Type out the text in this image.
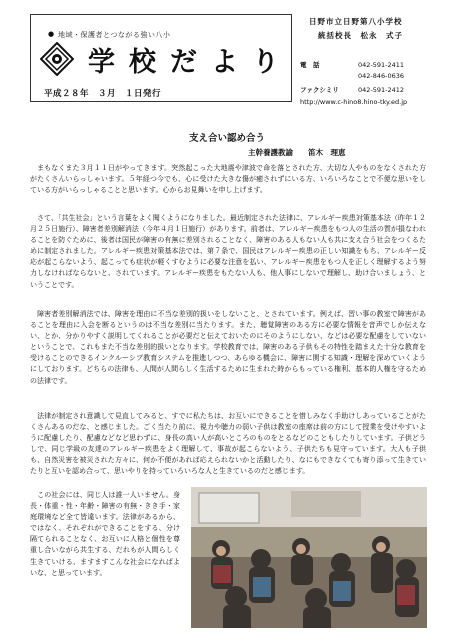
● 地域・保護者とつながる強い八小
学校だより
平成２８年　３月　１日発行
日野市立日野第八小学校
統括校長　松永　式子
電　話	042-591-2411
042-846-0636
ファクシミリ	042-591-2412
http://www.c-hino8.hino-tky.ed.jp
支え合い認め合う
主幹養護教諭　　笛木　理恵
　まもなくまた３月１１日がやってきます。突然起こった大地震や津波で命を落とされた方、大切な人やものをなくされた方がたくさんいらっしゃいます。５年経つ今でも、心に受けた大きな傷が癒されずにいる方、いろいろなことで不便な思いをしている方がいらっしゃることと思います。心からお見舞いを申し上げます。
　さて、「共生社会」という言葉をよく聞くようになりました。最近制定された法律に、アレルギー疾患対策基本法（昨年１２月２５日施行）、障害者差別解消法（今年４月１日施行）があります。前者は、アレルギー疾患をもつ人の生活の質が損なわれることを防ぐために、後者は国民が障害の有無に差別されることなく、障害のある人もない人も共に支え合う社会をつくるために制定されました。アレルギー疾患対策基本法では、第７条で、国民はアレルギー疾患の正しい知識をもち、アレルギー反応が起こらないよう、起こっても症状が軽くすむように必要な注意を払い、アレルギー疾患をもつ人を正しく理解するよう努力しなければならないと、されています。アレルギー疾患をもたない人も、他人事にしないで理解し、助け合いましょう、ということです。
　障害者差別解消法では、障害を理由に不当な差別的扱いをしないこと、とされています。例えば、習い事の教室で障害があることを理由に入会を断るというのは不当な差別に当たります。また、聴覚障害のある方に必要な情報を音声でしか伝えない、とか、分かりやすく説明してくれることが必要だと伝えておいたのにそのようにしない、などは必要な配慮をしていないということで、これもまた不当な差別的扱いとなります。学校教育では、障害のある子供もその特性を踏まえた十分な教育を受けることのできるインクルーシブ教育システムを推進しつつ、あらゆる機会に、障害に関する知識・理解を深めていくようにしております。どちらの法律も、人間が人間らしく生活するために生まれた時からもっている権利、基本的人権を守るための法律です。
　法律が制定され意識して見直してみると、すでに私たちは、お互いにできることを惜しみなく手助けしあっていることがたくさんあるのだな、と感じました。ごく当たり前に、視力や聴力の弱い子供は教室の座席は前の方にして授業を受けやすいように配慮したり、配慮などなど思わずに、身長の高い人が高いところのものをとるなどのこともしたりしています。子供どうしで、同じ学級の友達のアレルギー疾患をよく理解して、事故が起こらないよう、子供たちも見守っています。大人も子供も、自然災害を被災された方々に、何か不便があれば応えられないかと活動したり、なにもできなくても寄り添って生きていたりと互いを認め合って、思いやりを持っていろいろな人と生きているのだと感じます。
　この社会には、同じ人は誰一人いません。身長・体重・性・年齢・障害の有無・きき手・家庭環境など全て皆違います。法律があるから、ではなく、それぞれができることをする、分け隔てられることなく、お互いに人格と個性を尊重し合いながら共生する、だれもが人間らしく生きていける、ますますこんな社会になればよいな、と思っています。
